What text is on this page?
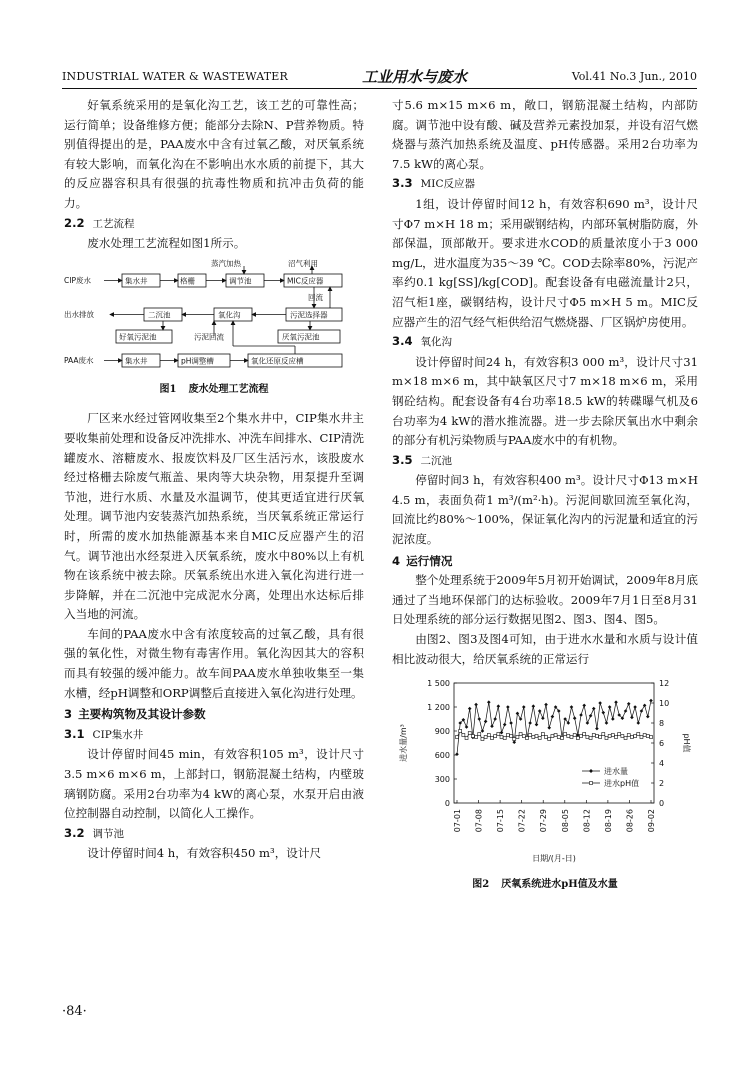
INDUSTRIAL WATER & WASTEWATER	工业用水与废水	Vol.41 No.3 Jun., 2010

好氧系统采用的是氧化沟工艺，该工艺的可靠性高；运行简单；设备维修方便；能部分去除N、P营养物质。特别值得提出的是，PAA废水中含有过氧乙酸，对厌氧系统有较大影响，而氧化沟在不影响出水水质的前提下，其大的反应器容积具有很强的抗毒性物质和抗冲击负荷的能力。

2.2 工艺流程

废水处理工艺流程如图1所示。

蒸汽加热	沼气利用
CIP废水	集水井	格栅	调节池	MIC反应器
回流
出水排放	二沉池	氧化沟	污泥选择器
好氧污泥池	污泥回流	厌氧污泥池
PAA废水	集水井	pH调整槽	氧化还原反应槽
图1 废水处理工艺流程

厂区来水经过管网收集至2个集水井中，CIP集水井主要收集前处理和设备反冲洗排水、冲洗车间排水、CIP清洗罐废水、溶糖废水、报废饮料及厂区生活污水，该股废水经过格栅去除废气瓶盖、果肉等大块杂物，用泵提升至调节池，进行水质、水量及水温调节，使其更适宜进行厌氧处理。调节池内安装蒸汽加热系统，当厌氧系统正常运行时，所需的废水加热能源基本来自MIC反应器产生的沼气。调节池出水经泵进入厌氧系统，废水中80%以上有机物在该系统中被去除。厌氧系统出水进入氧化沟进行进一步降解，并在二沉池中完成泥水分离，处理出水达标后排入当地的河流。

车间的PAA废水中含有浓度较高的过氧乙酸，具有很强的氧化性，对微生物有毒害作用。氧化沟因其大的容积而具有较强的缓冲能力。故车间PAA废水单独收集至一集水槽，经pH调整和ORP调整后直接进入氧化沟进行处理。

3 主要构筑物及其设计参数
3.1 CIP集水井

设计停留时间45 min，有效容积105 m³，设计尺寸3.5 m×6 m×6 m，上部封口，钢筋混凝土结构，内壁玻璃钢防腐。采用2台功率为4 kW的离心泵，水泵开启由液位控制器自动控制，以简化人工操作。

3.2 调节池

设计停留时间4 h，有效容积450 m³，设计尺

寸5.6 m×15 m×6 m，敞口，钢筋混凝土结构，内部防腐。调节池中设有酸、碱及营养元素投加泵，并设有沼气燃烧器与蒸汽加热系统及温度、pH传感器。采用2台功率为7.5 kW的离心泵。

3.3 MIC反应器

1组，设计停留时间12 h，有效容积690 m³，设计尺寸Φ7 m×H 18 m；采用碳钢结构，内部环氧树脂防腐，外部保温，顶部敞开。要求进水COD的质量浓度小于3 000 mg/L，进水温度为35～39 ℃。COD去除率80%，污泥产率约0.1 kg[SS]/kg[COD]。配套设备有电磁流量计2只，沼气柜1座，碳钢结构，设计尺寸Φ5 m×H 5 m。MIC反应器产生的沼气经气柜供给沼气燃烧器、厂区锅炉房使用。

3.4 氧化沟

设计停留时间24 h，有效容积3 000 m³，设计尺寸31 m×18 m×6 m，其中缺氧区尺寸7 m×18 m×6 m，采用钢砼结构。配套设备有4台功率18.5 kW的转碟曝气机及6台功率为4 kW的潜水推流器。进一步去除厌氧出水中剩余的部分有机污染物质与PAA废水中的有机物。

3.5 二沉池

停留时间3 h，有效容积400 m³。设计尺寸Φ13 m×H 4.5 m，表面负荷1 m³/(m²·h)。污泥间歇回流至氧化沟，回流比约80%～100%，保证氧化沟内的污泥量和适宜的污泥浓度。

4 运行情况

整个处理系统于2009年5月初开始调试，2009年8月底通过了当地环保部门的达标验收。2009年7月1日至8月31日处理系统的部分运行数据见图2、图3、图4、图5。

由图2、图3及图4可知，由于进水水量和水质与设计值相比波动很大，给厌氧系统的正常运行

0
300
600
900
1 200
1 500
0
2
4
6
8
10
12
07-01 07-08 07-15 07-22 07-29 08-05 08-12 08-19 08-26 09-02
日期/(月-日)
进水量/m³	pH值
进水量
进水pH值
图2 厌氧系统进水pH值及水量
·84·
